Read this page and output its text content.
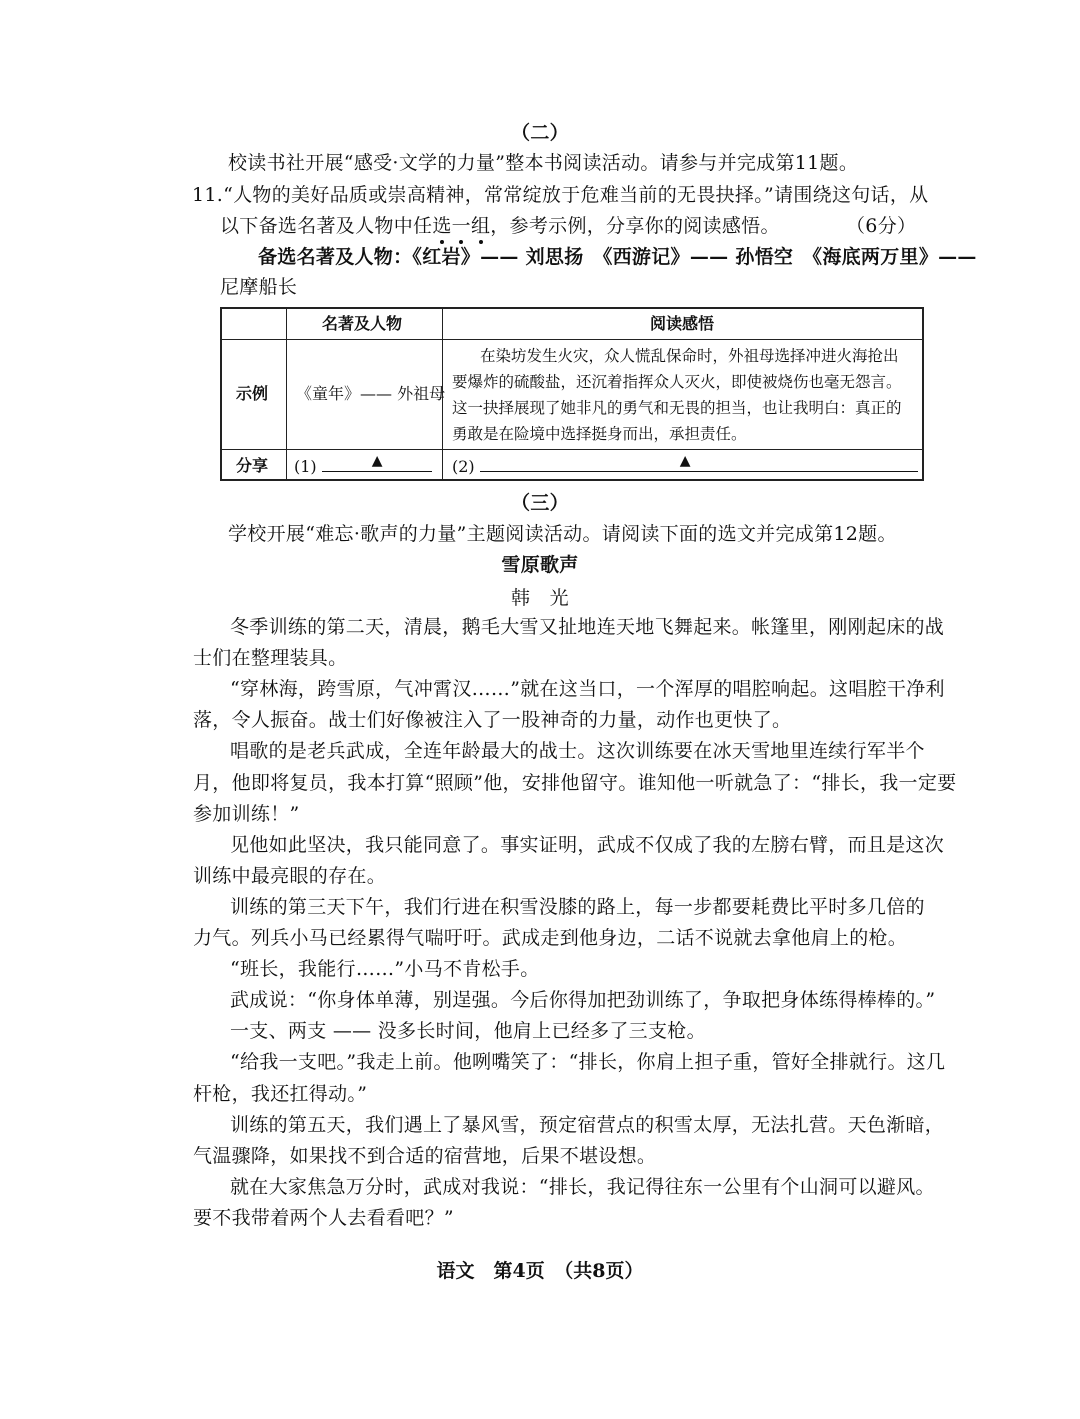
（二）
校读书社开展“感受·文学的力量”整本书阅读活动。请参与并完成第11题。
11.“人物的美好品质或崇高精神，常常绽放于危难当前的无畏抉择。”请围绕这句话，从
以下备选名著及人物中任选一组，参考示例，分享你的阅读感悟。	（6分）
备选名著及人物：《红岩》—— 刘思扬　《西游记》—— 孙悟空　《海底两万里》——
尼摩船长
名著及人物	阅读感悟
示例 《童年》—— 外祖母
在染坊发生火灾，众人慌乱保命时，外祖母选择冲进火海抢出
要爆炸的硫酸盐，还沉着指挥众人灭火，即使被烧伤也毫无怨言。
这一抉择展现了她非凡的勇气和无畏的担当，也让我明白：真正的
勇敢是在险境中选择挺身而出，承担责任。
分享 (1)	▲	(2)	▲
（三）
学校开展“难忘·歌声的力量”主题阅读活动。请阅读下面的选文并完成第12题。
雪原歌声
韩　光
冬季训练的第二天，清晨，鹅毛大雪又扯地连天地飞舞起来。帐篷里，刚刚起床的战
士们在整理装具。
“穿林海，跨雪原，气冲霄汉……”就在这当口，一个浑厚的唱腔响起。这唱腔干净利
落，令人振奋。战士们好像被注入了一股神奇的力量，动作也更快了。
唱歌的是老兵武成，全连年龄最大的战士。这次训练要在冰天雪地里连续行军半个
月，他即将复员，我本打算“照顾”他，安排他留守。谁知他一听就急了：“排长，我一定要
参加训练！”
见他如此坚决，我只能同意了。事实证明，武成不仅成了我的左膀右臂，而且是这次
训练中最亮眼的存在。
训练的第三天下午，我们行进在积雪没膝的路上，每一步都要耗费比平时多几倍的
力气。列兵小马已经累得气喘吁吁。武成走到他身边，二话不说就去拿他肩上的枪。
“班长，我能行……”小马不肯松手。
武成说：“你身体单薄，别逞强。今后你得加把劲训练了，争取把身体练得棒棒的。”
一支、两支 —— 没多长时间，他肩上已经多了三支枪。
“给我一支吧。”我走上前。他咧嘴笑了：“排长，你肩上担子重，管好全排就行。这几
杆枪，我还扛得动。”
训练的第五天，我们遇上了暴风雪，预定宿营点的积雪太厚，无法扎营。天色渐暗，
气温骤降，如果找不到合适的宿营地，后果不堪设想。
就在大家焦急万分时，武成对我说：“排长，我记得往东一公里有个山洞可以避风。
要不我带着两个人去看看吧？”
语文　第4页　（共8页）
